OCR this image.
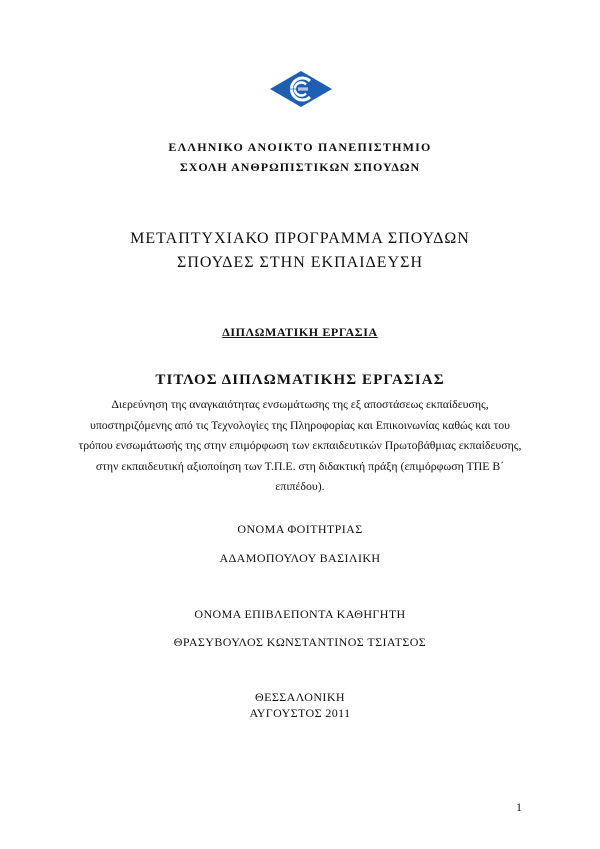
ΕΛΛΗΝΙΚΟ ΑΝΟΙΚΤΟ ΠΑΝΕΠΙΣΤΗΜΙΟ
ΣΧΟΛΗ ΑΝΘΡΩΠΙΣΤΙΚΩΝ ΣΠΟΥΔΩΝ
ΜΕΤΑΠΤΥΧΙΑΚΟ ΠΡΟΓΡΑΜΜΑ ΣΠΟΥΔΩΝ
ΣΠΟΥΔΕΣ ΣΤΗΝ ΕΚΠΑΙΔΕΥΣΗ
ΔΙΠΛΩΜΑΤΙΚΗ ΕΡΓΑΣΙΑ
ΤΙΤΛΟΣ ΔΙΠΛΩΜΑΤΙΚΗΣ ΕΡΓΑΣΙΑΣ
Διερεύνηση της αναγκαιότητας ενσωμάτωσης της εξ αποστάσεως εκπαίδευσης, υποστηριζόμενης από τις Τεχνολογίες της Πληροφορίας και Επικοινωνίας καθώς και του τρόπου ενσωμάτωσής της στην επιμόρφωση των εκπαιδευτικών Πρωτοβάθμιας εκπαίδευσης, στην εκπαιδευτική αξιοποίηση των Τ.Π.Ε. στη διδακτική πράξη (επιμόρφωση ΤΠΕ Β΄ επιπέδου).
ΟΝΟΜΑ ΦΟΙΤΗΤΡΙΑΣ
ΑΔΑΜΟΠΟΥΛΟΥ ΒΑΣΙΛΙΚΗ
ΟΝΟΜΑ ΕΠΙΒΛΕΠΟΝΤΑ ΚΑΘΗΓΗΤΗ
ΘΡΑΣΥΒΟΥΛΟΣ ΚΩΝΣΤΑΝΤΙΝΟΣ ΤΣΙΑΤΣΟΣ
ΘΕΣΣΑΛΟΝΙΚΗ
ΑΥΓΟΥΣΤΟΣ 2011
1
